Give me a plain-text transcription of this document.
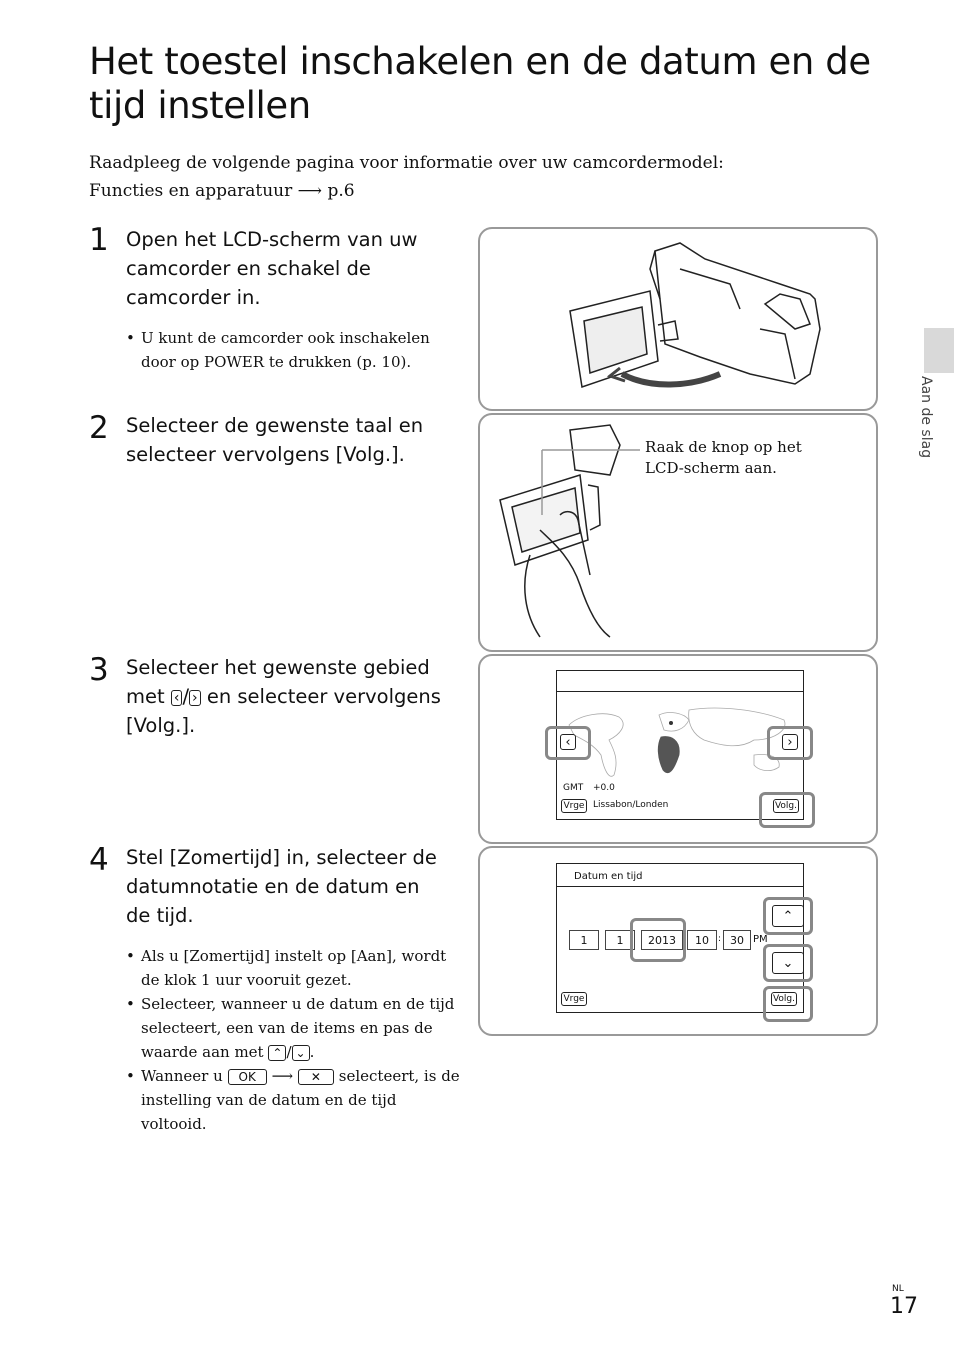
Het toestel inschakelen en de datum en de tijd instellen
Raadpleeg de volgende pagina voor informatie over uw camcordermodel:
Functies en apparatuur ⟶ p.6
Aan de slag
1 Open het LCD-scherm van uw camcorder en schakel de camcorder in.
• U kunt de camcorder ook inschakelen door op POWER te drukken (p. 10).
2 Selecteer de gewenste taal en selecteer vervolgens [Volg.].
3 Selecteer het gewenste gebied met ‹ / › en selecteer vervolgens [Volg.].
4 Stel [Zomertijd] in, selecteer de datumnotatie en de datum en de tijd.
• Als u [Zomertijd] instelt op [Aan], wordt de klok 1 uur vooruit gezet.
• Selecteer, wanneer u de datum en de tijd selecteert, een van de items en pas de waarde aan met ⌃ / ⌄ .
• Wanneer u OK ⟶ ✕ selecteert, is de instelling van de datum en de tijd voltooid.
Raak de knop op het LCD-scherm aan.
GMT +0.0
Vrge Lissabon/Londen	Volg.
‹	›
Datum en tijd
1	1	2013	10	: 30 PM
Vrge	Volg.
⌃
⌄
NL
17
